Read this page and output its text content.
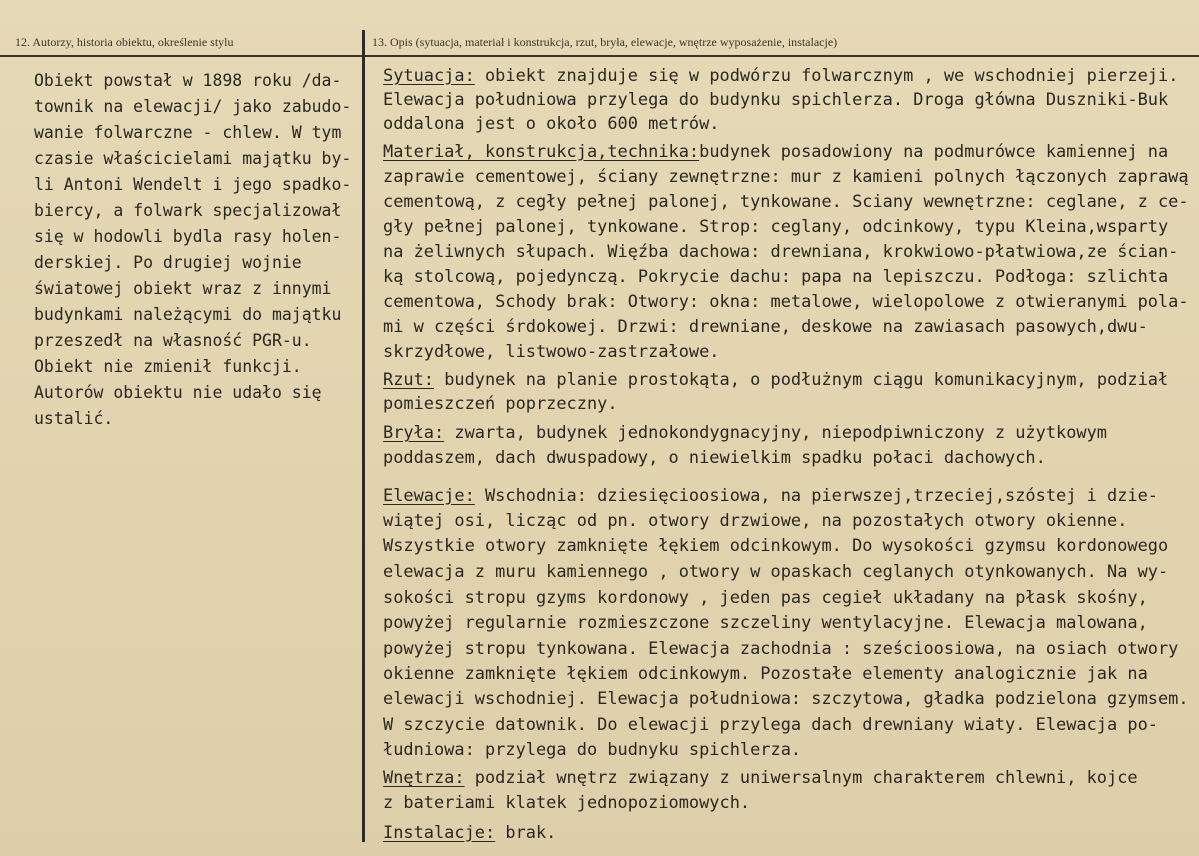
12. Autorzy, historia obiektu, określenie stylu	13. Opis (sytuacja, materiał i konstrukcja, rzut, bryła, elewacje, wnętrze wyposażenie, instalacje)
Obiekt powstał w 1898 roku /da-
townik na elewacji/ jako zabudo-
wanie folwarczne - chlew. W tym
czasie właścicielami majątku by-
li Antoni Wendelt i jego spadko-
biercy, a folwark specjalizował
się w hodowli bydla rasy holen-
derskiej. Po drugiej wojnie
światowej obiekt wraz z innymi
budynkami należącymi do majątku
przeszedł na własność PGR-u.
Obiekt nie zmienił funkcji.
Autorów obiektu nie udało się
ustalić.
Sytuacja: obiekt znajduje się w podwórzu folwarcznym , we wschodniej pierzeji.
Elewacja południowa przylega do budynku spichlerza. Droga główna Duszniki-Buk
oddalona jest o około 600 metrów.
Materiał, konstrukcja,technika:budynek posadowiony na podmurówce kamiennej na
zaprawie cementowej, ściany zewnętrzne: mur z kamieni polnych łączonych zaprawą
cementową, z cegły pełnej palonej, tynkowane. Sciany wewnętrzne: ceglane, z ce-
gły pełnej palonej, tynkowane. Strop: ceglany, odcinkowy, typu Kleina,wsparty
na żeliwnych słupach. Więźba dachowa: drewniana, krokwiowo-płatwiowa,ze ścian-
ką stolcową, pojedynczą. Pokrycie dachu: papa na lepiszczu. Podłoga: szlichta
cementowa, Schody brak: Otwory: okna: metalowe, wielopolowe z otwieranymi pola-
mi w części śrdokowej. Drzwi: drewniane, deskowe na zawiasach pasowych,dwu-
skrzydłowe, listwowo-zastrzałowe.
Rzut: budynek na planie prostokąta, o podłużnym ciągu komunikacyjnym, podział
pomieszczeń poprzeczny.
Bryła: zwarta, budynek jednokondygnacyjny, niepodpiwniczony z użytkowym
poddaszem, dach dwuspadowy, o niewielkim spadku połaci dachowych.
Elewacje: Wschodnia: dziesięcioosiowa, na pierwszej,trzeciej,szóstej i dzie-
wiątej osi, licząc od pn. otwory drzwiowe, na pozostałych otwory okienne.
Wszystkie otwory zamknięte łękiem odcinkowym. Do wysokości gzymsu kordonowego
elewacja z muru kamiennego , otwory w opaskach ceglanych otynkowanych. Na wy-
sokości stropu gzyms kordonowy , jeden pas cegieł układany na płask skośny,
powyżej regularnie rozmieszczone szczeliny wentylacyjne. Elewacja malowana,
powyżej stropu tynkowana. Elewacja zachodnia : sześcioosiowa, na osiach otwory
okienne zamknięte łękiem odcinkowym. Pozostałe elementy analogicznie jak na
elewacji wschodniej. Elewacja południowa: szczytowa, gładka podzielona gzymsem.
W szczycie datownik. Do elewacji przylega dach drewniany wiaty. Elewacja po-
łudniowa: przylega do budnyku spichlerza.
Wnętrza: podział wnętrz związany z uniwersalnym charakterem chlewni, kojce
z bateriami klatek jednopoziomowych.
Instalacje: brak.
